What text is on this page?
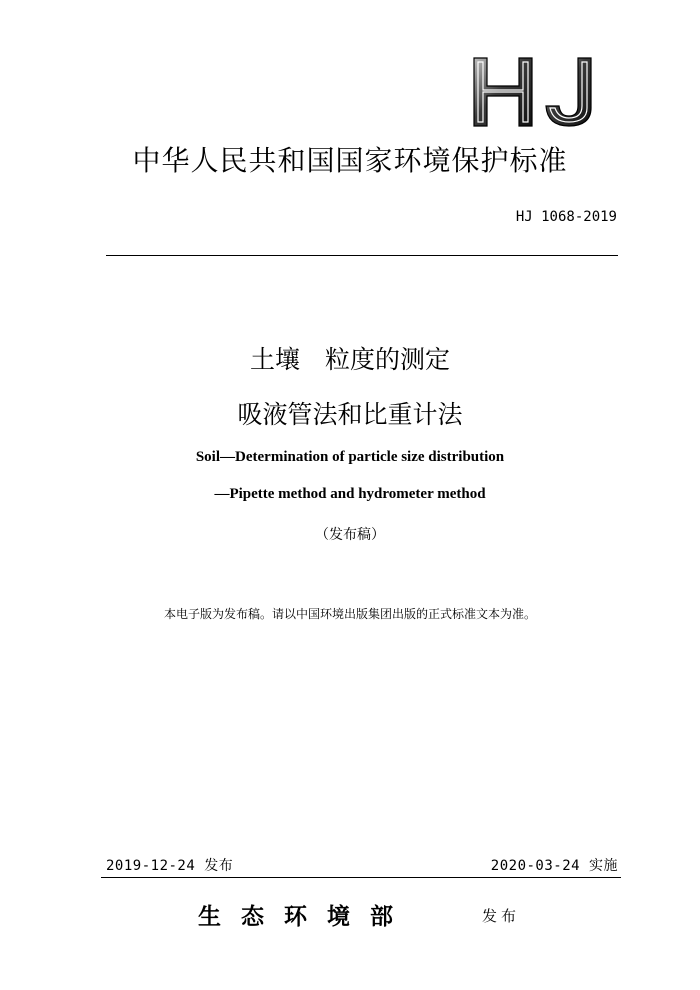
中华人民共和国国家环境保护标准
HJ 1068-2019
土壤　粒度的测定
吸液管法和比重计法
Soil—Determination of particle size distribution
—Pipette method and hydrometer method
（发布稿）
本电子版为发布稿。请以中国环境出版集团出版的正式标准文本为准。
2019-12-24 发布	2020-03-24 实施
生态环境部	发布
